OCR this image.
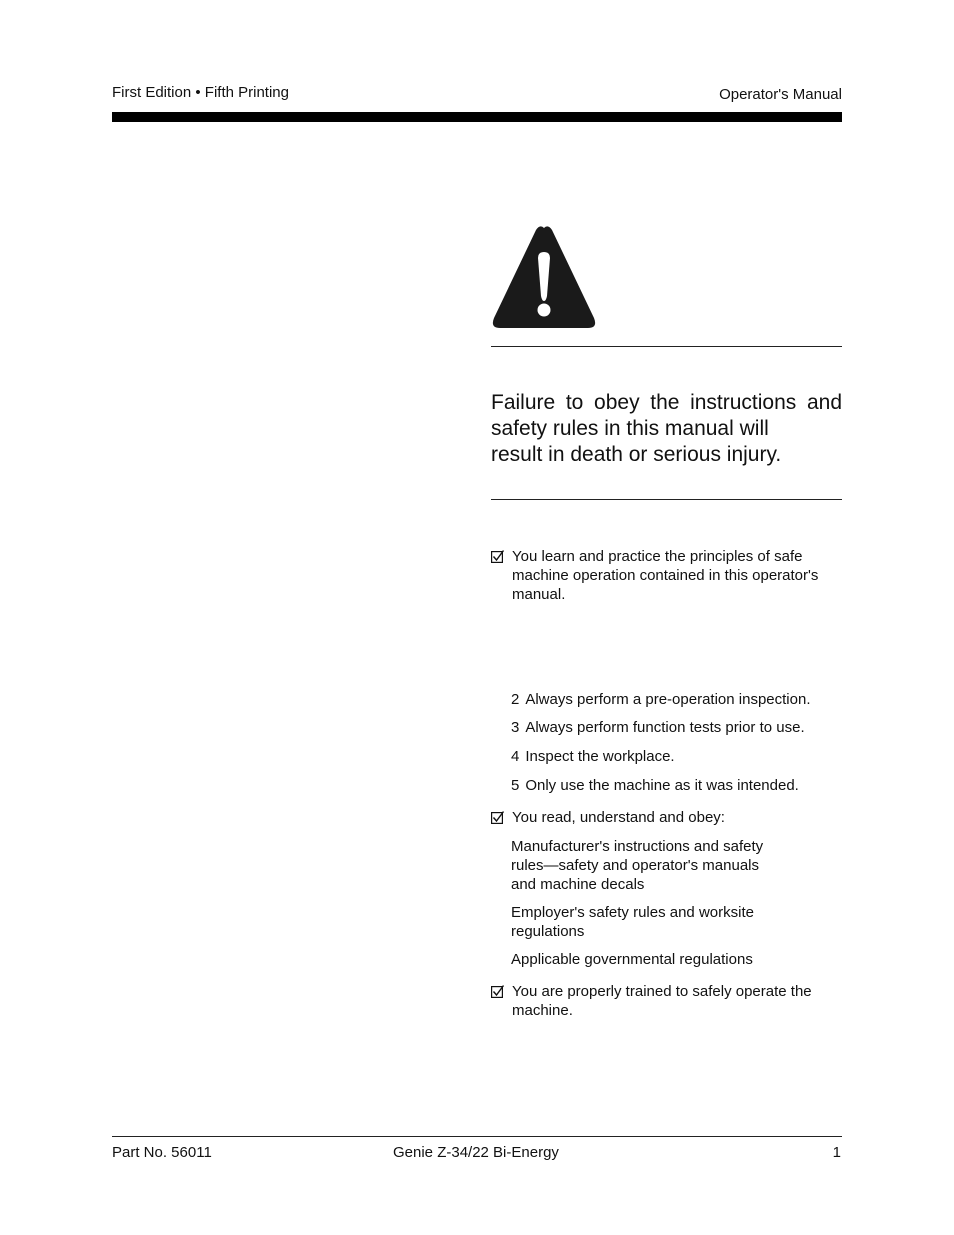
First Edition • Fifth Printing	Operator's Manual
Failure to obey the instructions and
safety rules in this manual will
result in death or serious injury.
You learn and practice the principles of safe
machine operation contained in this operator's
manual.
2 Always perform a pre-operation inspection.
3 Always perform function tests prior to use.
4 Inspect the workplace.
5 Only use the machine as it was intended.
You read, understand and obey:
Manufacturer's instructions and safety
rules—safety and operator's manuals
and machine decals
Employer's safety rules and worksite
regulations
Applicable governmental regulations
You are properly trained to safely operate the
machine.
Part No. 56011	Genie Z-34/22 Bi-Energy	1
